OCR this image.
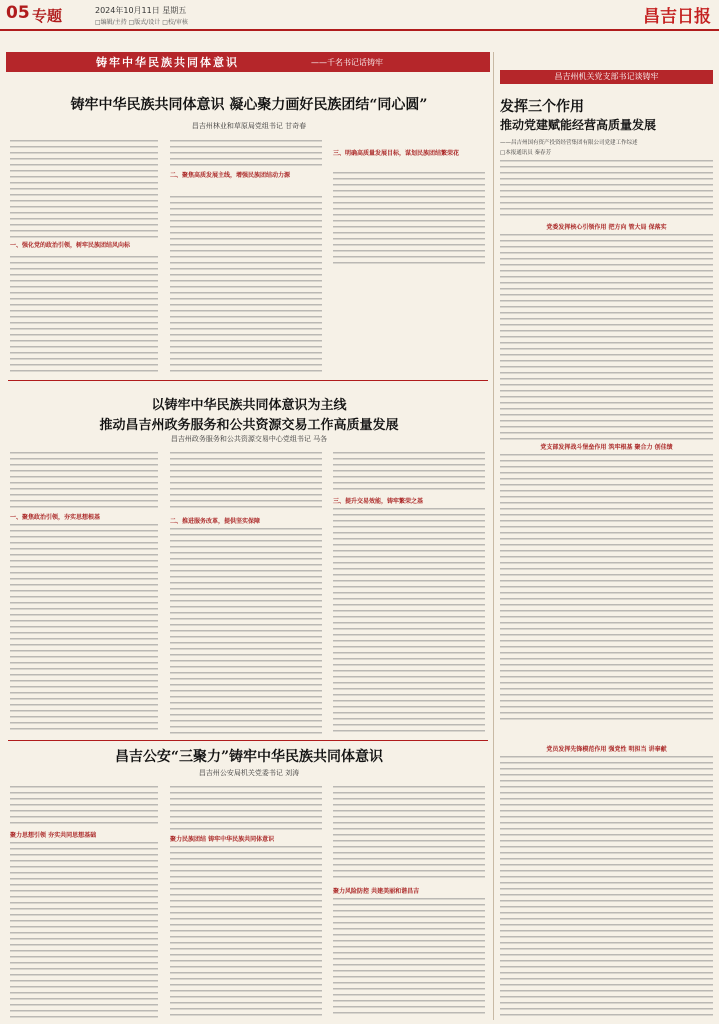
05 专题	2024年10月11日 星期五
□编辑/主持 □版式/设计 □校/审核	昌吉日报
铸牢中华民族共同体意识	——千名书记话铸牢
铸牢中华民族共同体意识 凝心聚力画好民族团结“同心圆”
昌吉州林业和草原局党组书记 甘奇春
一、强化党的政治引领，树牢民族团结风向标
二、聚焦高质发展主线，增强民族团结动力源
三、明确高质量发展目标，谋划民族团结繁荣花
以铸牢中华民族共同体意识为主线
推动昌吉州政务服务和公共资源交易工作高质量发展
昌吉州政务服务和公共资源交易中心党组书记 马各
一、聚焦政治引领，夯实思想根基
二、推进服务改革，提供坚实保障
三、提升交易效能，铸牢繁荣之基
昌吉公安“三聚力”铸牢中华民族共同体意识
昌吉州公安局机关党委书记 刘涛
聚力思想引领 夯实共同思想基础
聚力民族团结 铸牢中华民族共同体意识
聚力风险防控 共建美丽和谐昌吉
昌吉州机关党支部书记谈铸牢
发挥三个作用
推动党建赋能经营高质量发展
——昌吉州国有资产投资经营集团有限公司党建工作综述
□本报通讯员 秦春芳
党委发挥核心引领作用 把方向 管大局 保落实
党支部发挥战斗堡垒作用 筑牢根基 聚合力 创佳绩
党员发挥先锋模范作用 强党性 明担当 讲奉献
